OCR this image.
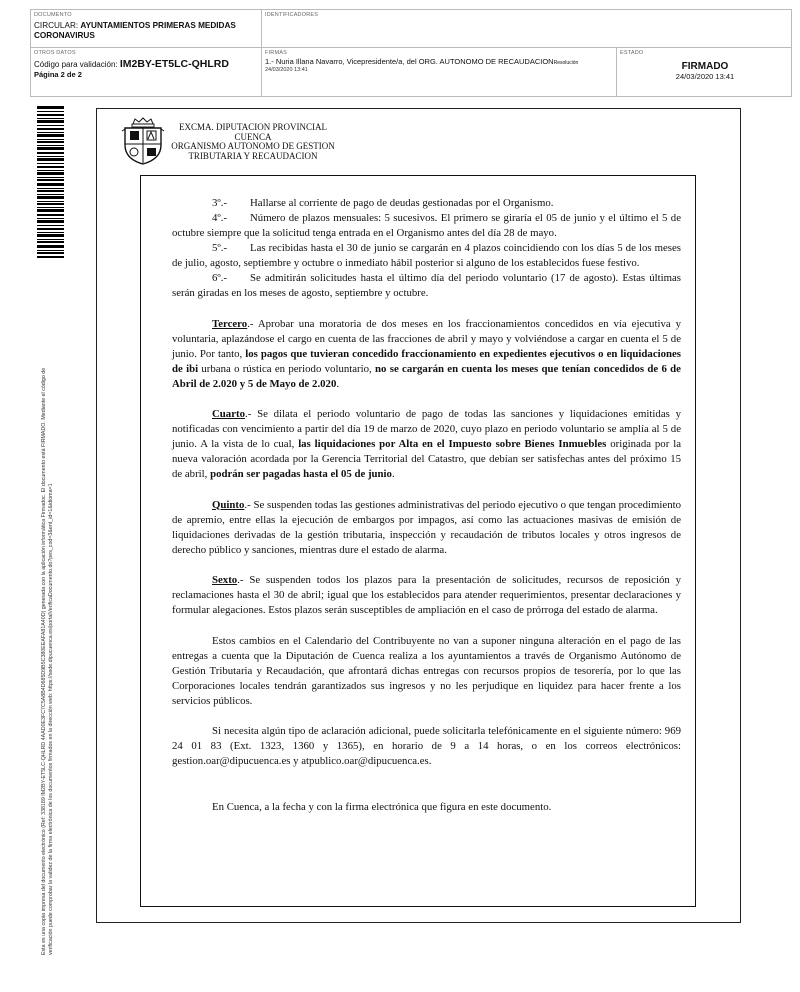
DOCUMENTO
CIRCULAR: AYUNTAMIENTOS PRIMERAS MEDIDAS CORONAVIRUS
IDENTIFICADORES
OTROS DATOS
Código para validación: IM2BY-ET5LC-QHLRD
Página 2 de 2
FIRMAS
1.- Nuria Illana Navarro, Vicepresidente/a, del ORG. AUTONOMO DE RECAUDACIONResolución
24/03/2020 13:41
ESTADO
FIRMADO
24/03/2020 13:41
Esta es una copia impresa del documento electrónico (Ref: 338189 IM2BY-ET5LC-QHLRD 4AAD0E3FC7C5A8B4D685D9B5C380EEAFA81A40D) generada con la aplicación informática Firmadoc. El documento está FIRMADO. Mediante el código de verificación puede comprobar la validez de la firma electrónica de los documentos firmados en la dirección web: https://sede.dipucuenca.es/portalVerificaDocumento.do?pes_cod=3&ent_id=1&idioma=1
EXCMA. DIPUTACION PROVINCIAL
CUENCA
ORGANISMO AUTONOMO DE GESTION
TRIBUTARIA Y RECAUDACION

3º.- Hallarse al corriente de pago de deudas gestionadas por el Organismo.

4º.- Número de plazos mensuales: 5 sucesivos. El primero se giraría el 05 de junio y el último el 5 de octubre siempre que la solicitud tenga entrada en el Organismo antes del día 28 de mayo.

5º.- Las recibidas hasta el 30 de junio se cargarán en 4 plazos coincidiendo con los días 5 de los meses de julio, agosto, septiembre y octubre o inmediato hábil posterior si alguno de los establecidos fuese festivo.

6º.- Se admitirán solicitudes hasta el último día del periodo voluntario (17 de agosto). Estas últimas serán giradas en los meses de agosto, septiembre y octubre.

Tercero.- Aprobar una moratoria de dos meses en los fraccionamientos concedidos en vía ejecutiva y voluntaria, aplazándose el cargo en cuenta de las fracciones de abril y mayo y volviéndose a cargar en cuenta el 5 de junio. Por tanto, los pagos que tuvieran concedido fraccionamiento en expedientes ejecutivos o en liquidaciones de ibi urbana o rústica en periodo voluntario, no se cargarán en cuenta los meses que tenían concedidos de 6 de Abril de 2.020 y 5 de Mayo de 2.020.

Cuarto.- Se dilata el periodo voluntario de pago de todas las sanciones y liquidaciones emitidas y notificadas con vencimiento a partir del día 19 de marzo de 2020, cuyo plazo en periodo voluntario se amplía al 5 de junio. A la vista de lo cual, las liquidaciones por Alta en el Impuesto sobre Bienes Inmuebles originada por la nueva valoración acordada por la Gerencia Territorial del Catastro, que debían ser satisfechas antes del próximo 15 de abril, podrán ser pagadas hasta el 05 de junio.

Quinto.- Se suspenden todas las gestiones administrativas del periodo ejecutivo o que tengan procedimiento de apremio, entre ellas la ejecución de embargos por impagos, así como las actuaciones masivas de emisión de liquidaciones derivadas de la gestión tributaria, inspección y recaudación de tributos locales y otros ingresos de derecho público y sanciones, mientras dure el estado de alarma.

Sexto.- Se suspenden todos los plazos para la presentación de solicitudes, recursos de reposición y reclamaciones hasta el 30 de abril; igual que los establecidos para atender requerimientos, presentar declaraciones y formular alegaciones. Estos plazos serán susceptibles de ampliación en el caso de prórroga del estado de alarma.

Estos cambios en el Calendario del Contribuyente no van a suponer ninguna alteración en el pago de las entregas a cuenta que la Diputación de Cuenca realiza a los ayuntamientos a través de Organismo Autónomo de Gestión Tributaria y Recaudación, que afrontará dichas entregas con recursos propios de tesorería, por lo que las Corporaciones locales tendrán garantizados sus ingresos y no les perjudique en liquidez para hacer frente a los servicios públicos.

Si necesita algún tipo de aclaración adicional, puede solicitarla telefónicamente en el siguiente número: 969 24 01 83 (Ext. 1323, 1360 y 1365), en horario de 9 a 14 horas, o en los correos electrónicos: gestion.oar@dipucuenca.es y atpublico.oar@dipucuenca.es.

En Cuenca, a la fecha y con la firma electrónica que figura en este documento.
